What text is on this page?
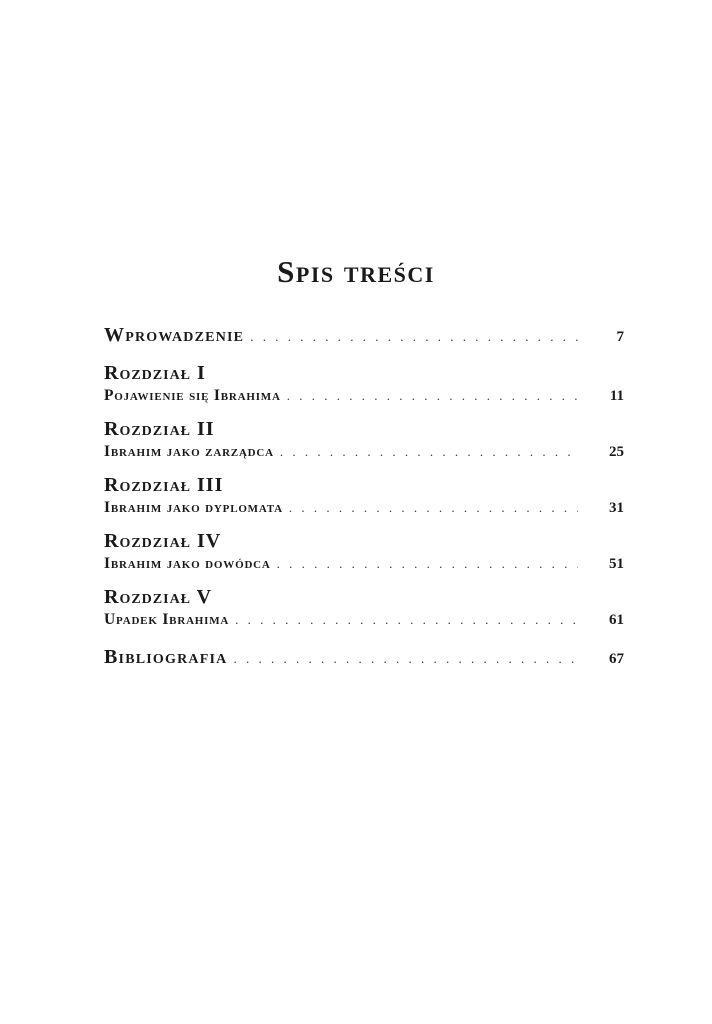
Spis treści
Wprowadzenie . . .	7
Rozdział I
Pojawienie się Ibrahima . . .	11
Rozdział II
Ibrahim jako zarządca . . .	25
Rozdział III
Ibrahim jako dyplomata . . .	31
Rozdział IV
Ibrahim jako dowódca . . .	51
Rozdział V
Upadek Ibrahima . . .	61
Bibliografia . . .	67
